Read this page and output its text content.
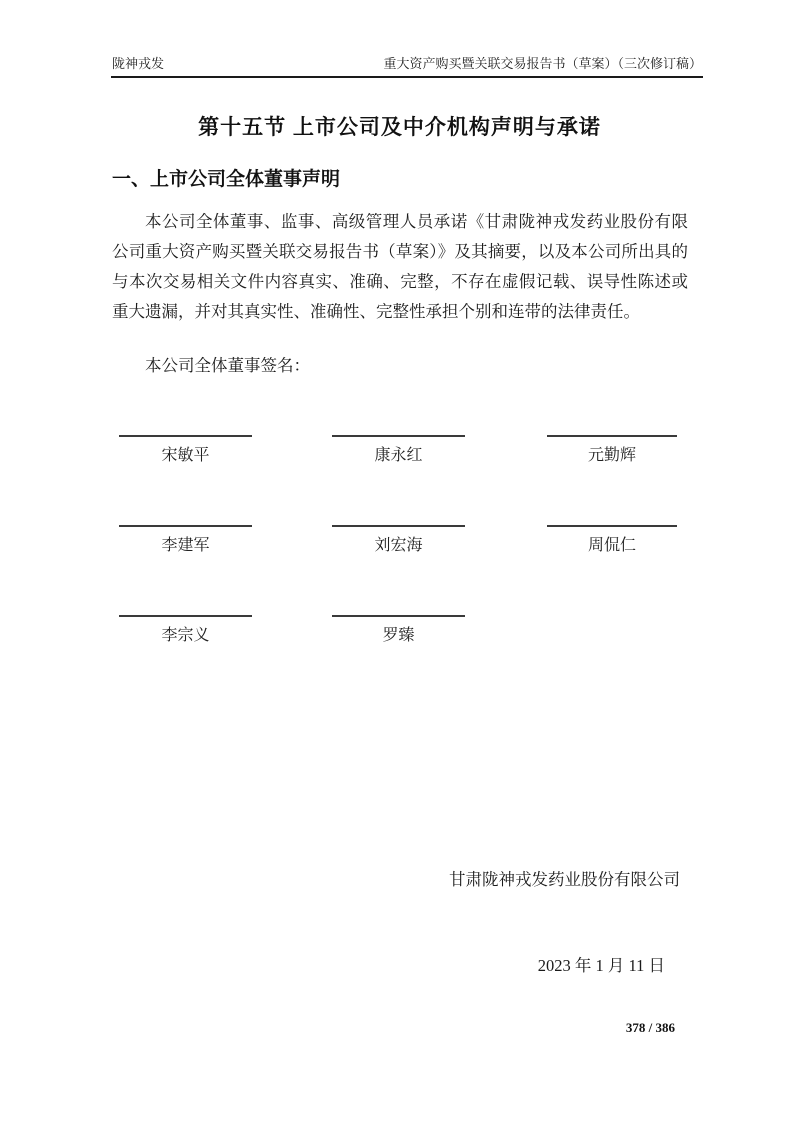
陇神戎发	重大资产购买暨关联交易报告书（草案）（三次修订稿）
第十五节 上市公司及中介机构声明与承诺
一、上市公司全体董事声明
本公司全体董事、监事、高级管理人员承诺《甘肃陇神戎发药业股份有限公司重大资产购买暨关联交易报告书（草案）》及其摘要，以及本公司所出具的与本次交易相关文件内容真实、准确、完整，不存在虚假记载、误导性陈述或重大遗漏，并对其真实性、准确性、完整性承担个别和连带的法律责任。
本公司全体董事签名：
宋敏平	康永红	元勤辉
李建军	刘宏海	周侃仁
李宗义	罗臻
甘肃陇神戎发药业股份有限公司
2023 年 1 月 11 日
378 / 386
